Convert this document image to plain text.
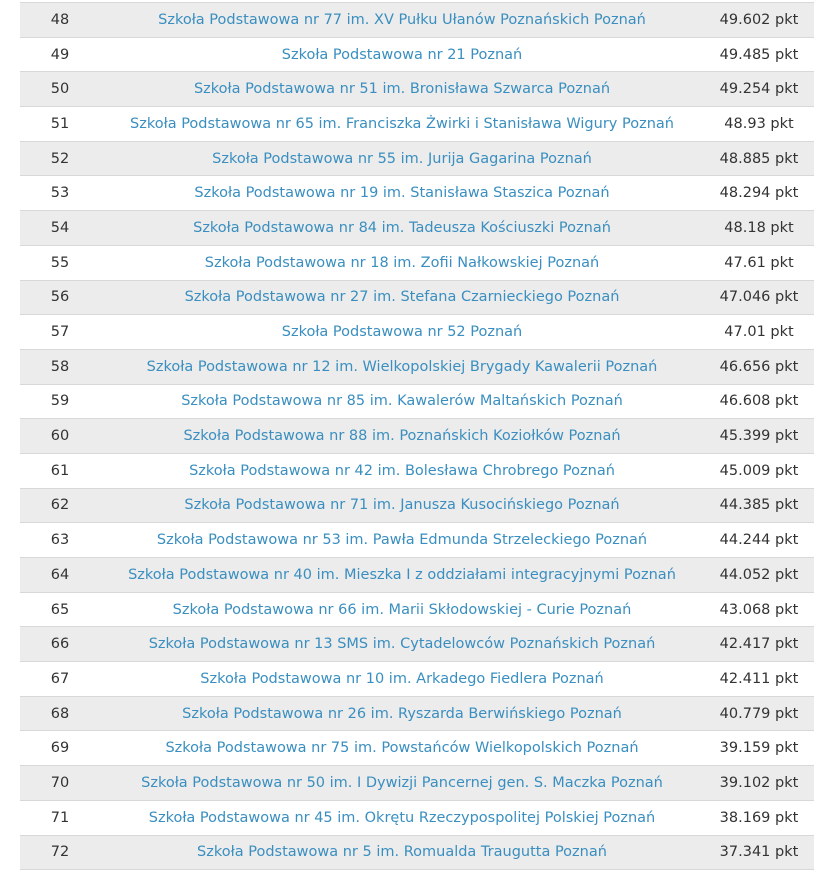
48	Szkoła Podstawowa nr 77 im. XV Pułku Ułanów Poznańskich Poznań	49.602 pkt
49	Szkoła Podstawowa nr 21 Poznań	49.485 pkt
50	Szkoła Podstawowa nr 51 im. Bronisława Szwarca Poznań	49.254 pkt
51	Szkoła Podstawowa nr 65 im. Franciszka Żwirki i Stanisława Wigury Poznań	48.93 pkt
52	Szkoła Podstawowa nr 55 im. Jurija Gagarina Poznań	48.885 pkt
53	Szkoła Podstawowa nr 19 im. Stanisława Staszica Poznań	48.294 pkt
54	Szkoła Podstawowa nr 84 im. Tadeusza Kościuszki Poznań	48.18 pkt
55	Szkoła Podstawowa nr 18 im. Zofii Nałkowskiej Poznań	47.61 pkt
56	Szkoła Podstawowa nr 27 im. Stefana Czarnieckiego Poznań	47.046 pkt
57	Szkoła Podstawowa nr 52 Poznań	47.01 pkt
58	Szkoła Podstawowa nr 12 im. Wielkopolskiej Brygady Kawalerii Poznań	46.656 pkt
59	Szkoła Podstawowa nr 85 im. Kawalerów Maltańskich Poznań	46.608 pkt
60	Szkoła Podstawowa nr 88 im. Poznańskich Koziołków Poznań	45.399 pkt
61	Szkoła Podstawowa nr 42 im. Bolesława Chrobrego Poznań	45.009 pkt
62	Szkoła Podstawowa nr 71 im. Janusza Kusocińskiego Poznań	44.385 pkt
63	Szkoła Podstawowa nr 53 im. Pawła Edmunda Strzeleckiego Poznań	44.244 pkt
64	Szkoła Podstawowa nr 40 im. Mieszka I z oddziałami integracyjnymi Poznań	44.052 pkt
65	Szkoła Podstawowa nr 66 im. Marii Skłodowskiej - Curie Poznań	43.068 pkt
66	Szkoła Podstawowa nr 13 SMS im. Cytadelowców Poznańskich Poznań	42.417 pkt
67	Szkoła Podstawowa nr 10 im. Arkadego Fiedlera Poznań	42.411 pkt
68	Szkoła Podstawowa nr 26 im. Ryszarda Berwińskiego Poznań	40.779 pkt
69	Szkoła Podstawowa nr 75 im. Powstańców Wielkopolskich Poznań	39.159 pkt
70	Szkoła Podstawowa nr 50 im. I Dywizji Pancernej gen. S. Maczka Poznań	39.102 pkt
71	Szkoła Podstawowa nr 45 im. Okrętu Rzeczypospolitej Polskiej Poznań	38.169 pkt
72	Szkoła Podstawowa nr 5 im. Romualda Traugutta Poznań	37.341 pkt
